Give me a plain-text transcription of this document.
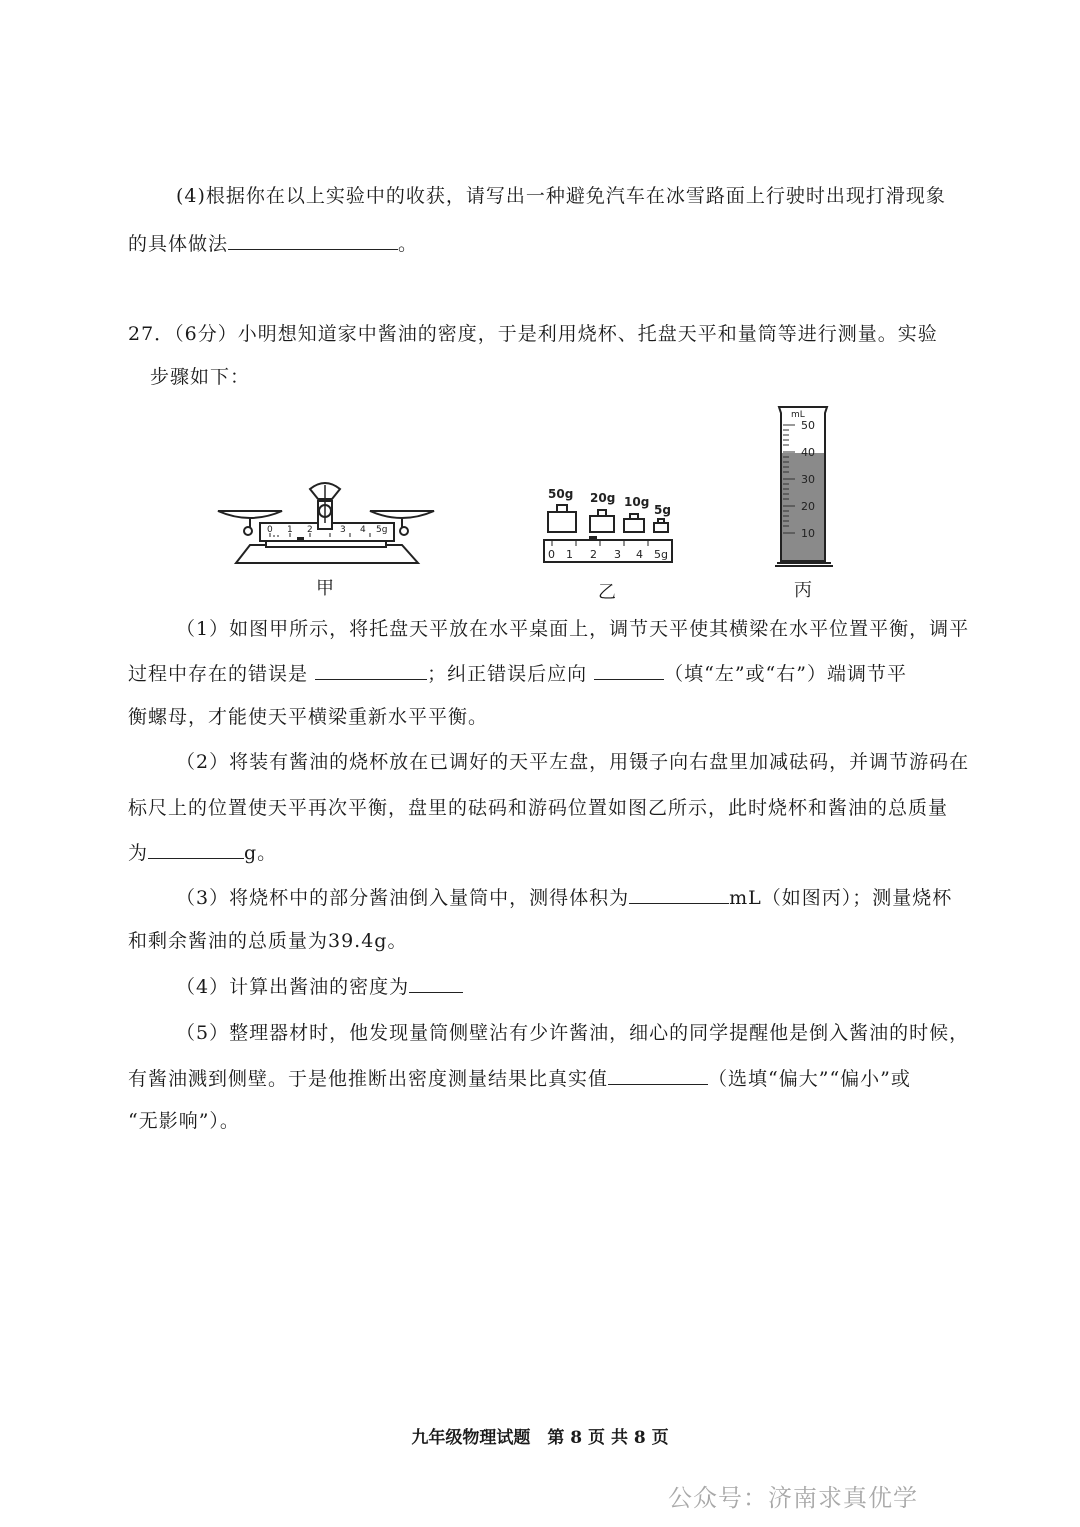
(4)根据你在以上实验中的收获，请写出一种避免汽车在冰雪路面上行驶时出现打滑现象
的具体做法	。
27．（6分）小明想知道家中酱油的密度，于是利用烧杯、托盘天平和量筒等进行测量。实验
步骤如下：
0 1 2	3 4 5g
甲
50g 20g 10g
5g
0 1 2 3 4 5g
乙
mL
50
40
30
20
10
丙
（1）如图甲所示，将托盘天平放在水平桌面上，调节天平使其横梁在水平位置平衡，调平
过程中存在的错误是	；纠正错误后应向	（填“左”或“右”）端调节平
衡螺母，才能使天平横梁重新水平平衡。
（2）将装有酱油的烧杯放在已调好的天平左盘，用镊子向右盘里加减砝码，并调节游码在
标尺上的位置使天平再次平衡，盘里的砝码和游码位置如图乙所示，此时烧杯和酱油的总质量
为	g。
（3）将烧杯中的部分酱油倒入量筒中，测得体积为	mL（如图丙）；测量烧杯
和剩余酱油的总质量为39.4g。
（4）计算出酱油的密度为
（5）整理器材时，他发现量筒侧壁沾有少许酱油，细心的同学提醒他是倒入酱油的时候，
有酱油溅到侧壁。于是他推断出密度测量结果比真实值	（选填“偏大”“偏小”或
“无影响”）。
九年级物理试题　第 8 页 共 8 页
公众号：济南求真优学
